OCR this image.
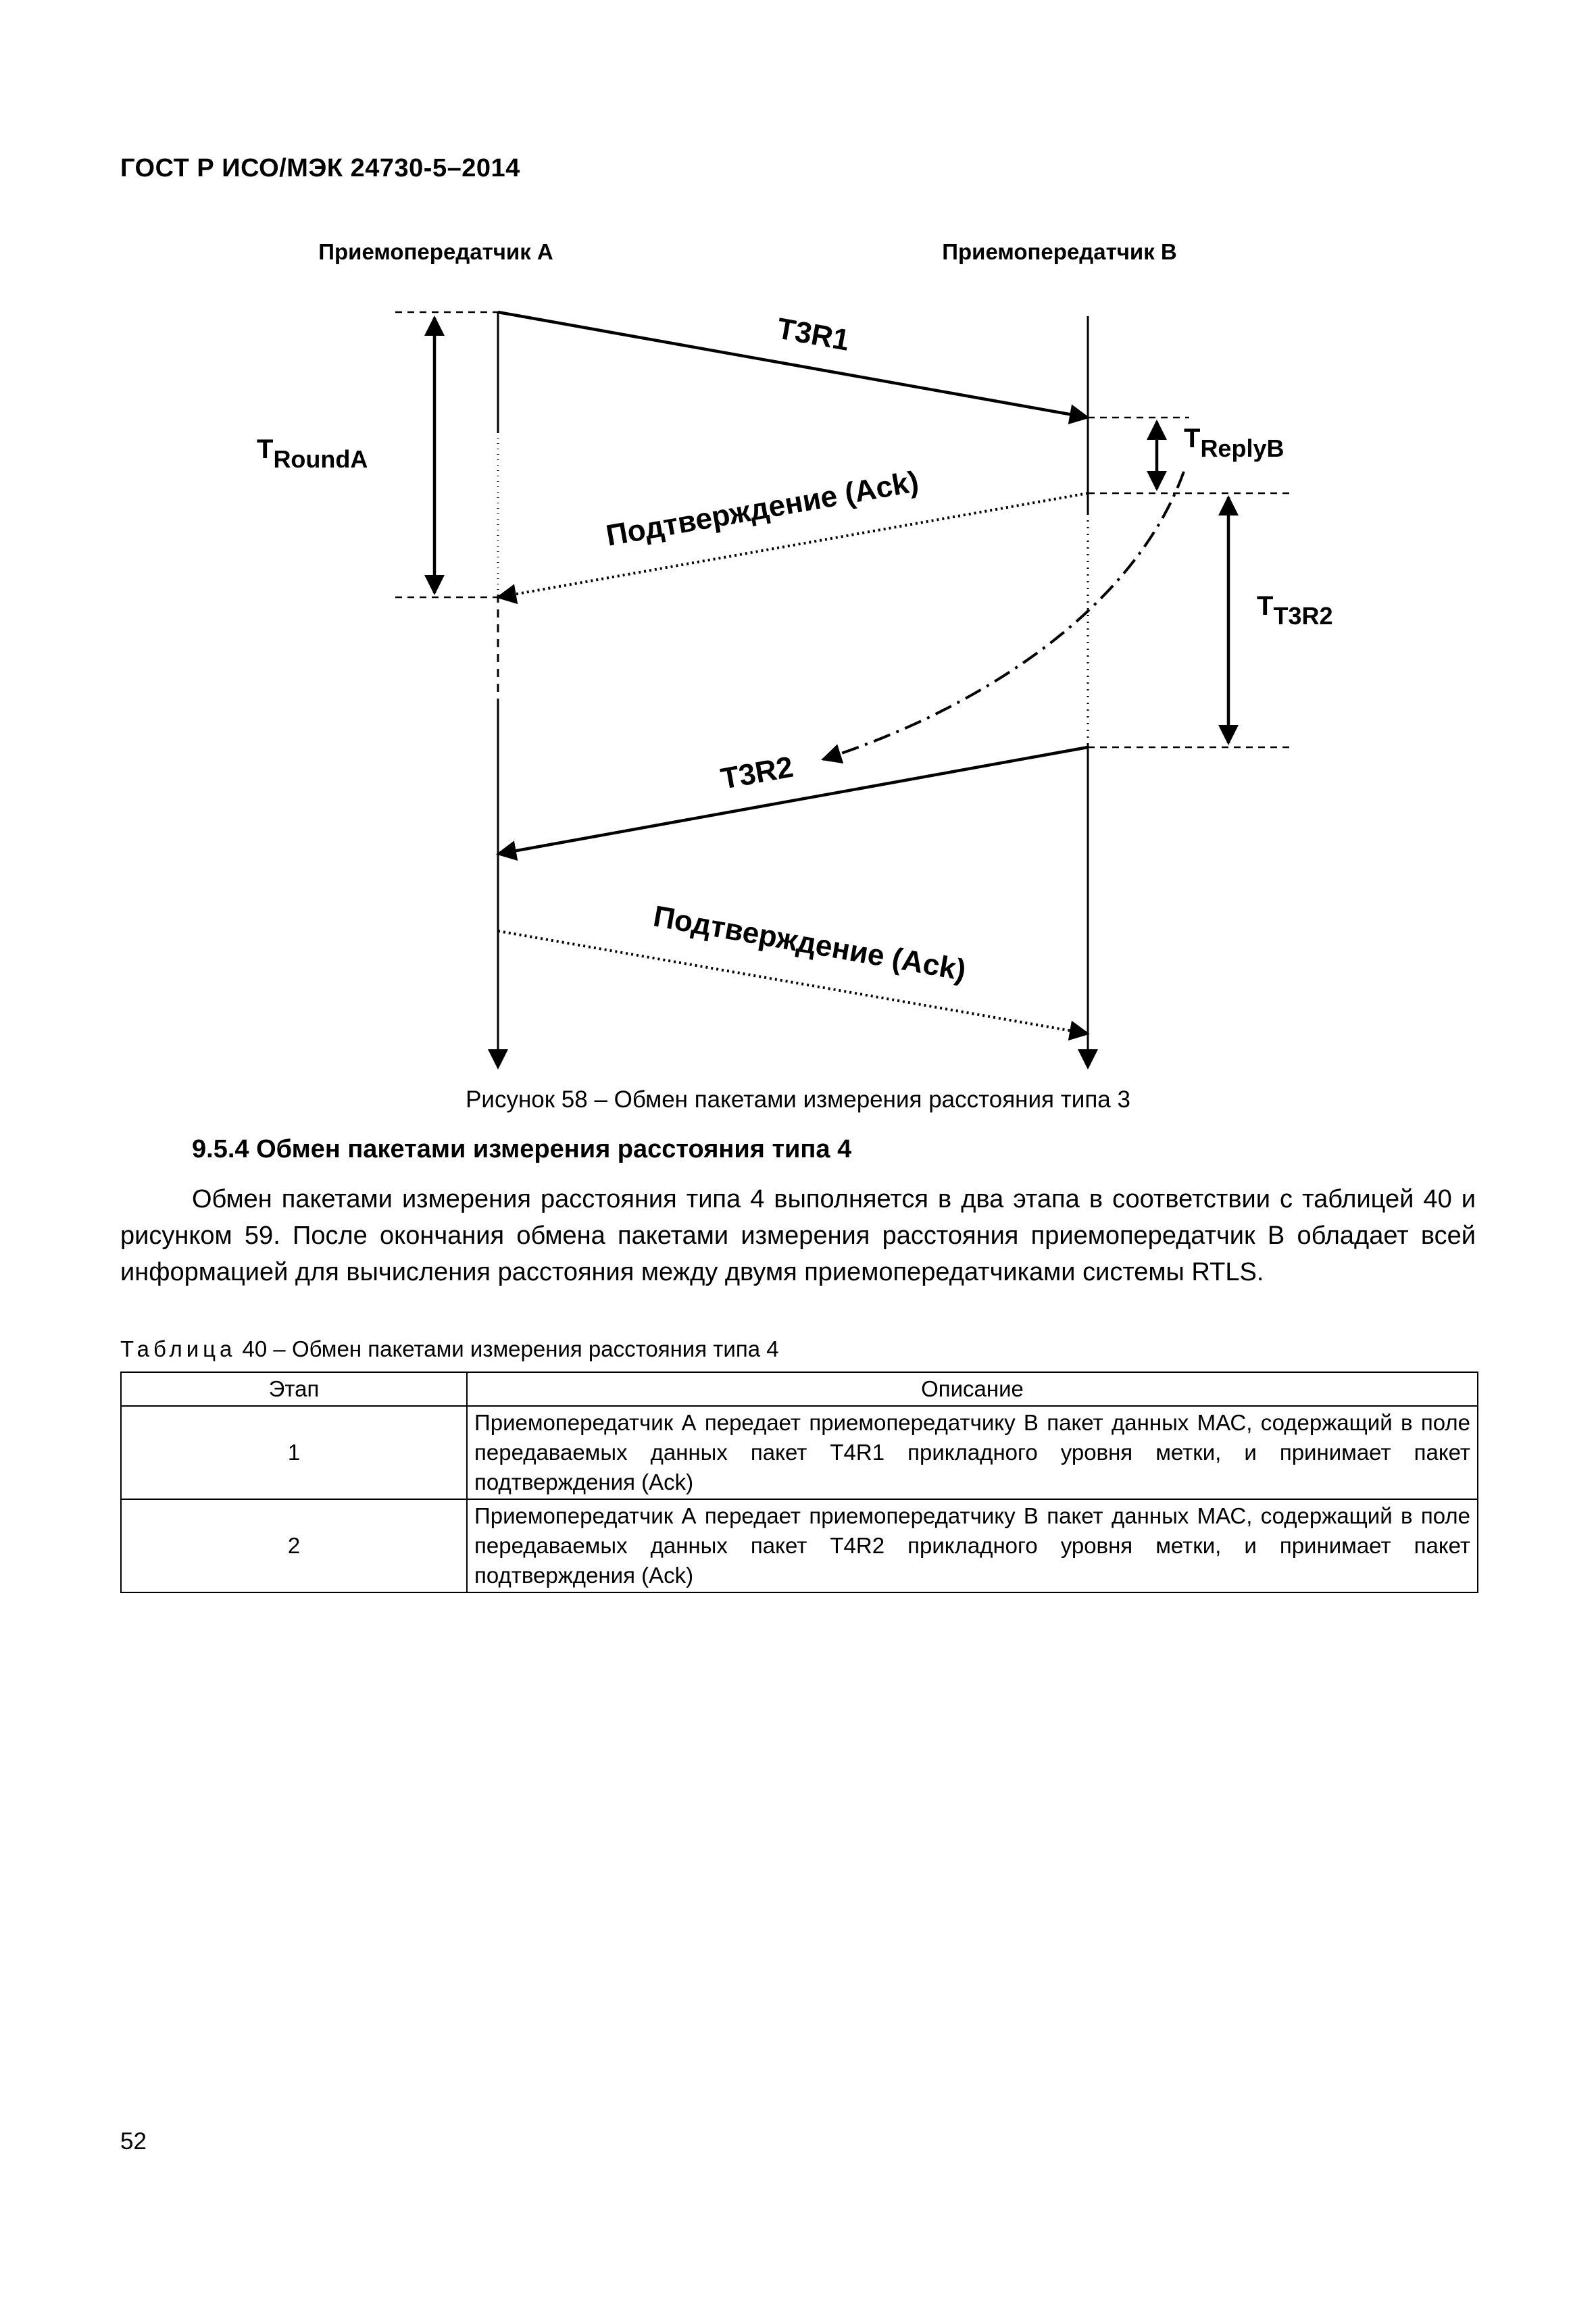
ГОСТ Р ИСО/МЭК 24730-5–2014
Приемопередатчик А	Приемопередатчик В
T3R1
Подтверждение (Ack)
T3R2
Подтверждение (Ack)
TRoundA
TReplyB
TT3R2
Рисунок 58 – Обмен пакетами измерения расстояния типа 3
9.5.4 Обмен пакетами измерения расстояния типа 4
Обмен пакетами измерения расстояния типа 4 выполняется в два этапа в соответствии с таблицей 40 и рисунком 59. После окончания обмена пакетами измерения расстояния приемопередатчик В обладает всей информацией для вычисления расстояния между двумя приемопередатчиками системы RTLS.
Таблица 40 – Обмен пакетами измерения расстояния типа 4
Этап	Описание
1	Приемопередатчик А передает приемопередатчику В пакет данных МАС, содержащий в поле передаваемых данных пакет T4R1 прикладного уровня метки, и принимает пакет подтверждения (Ack)
2	Приемопередатчик А передает приемопередатчику В пакет данных МАС, содержащий в поле передаваемых данных пакет T4R2 прикладного уровня метки, и принимает пакет подтверждения (Ack)
52
